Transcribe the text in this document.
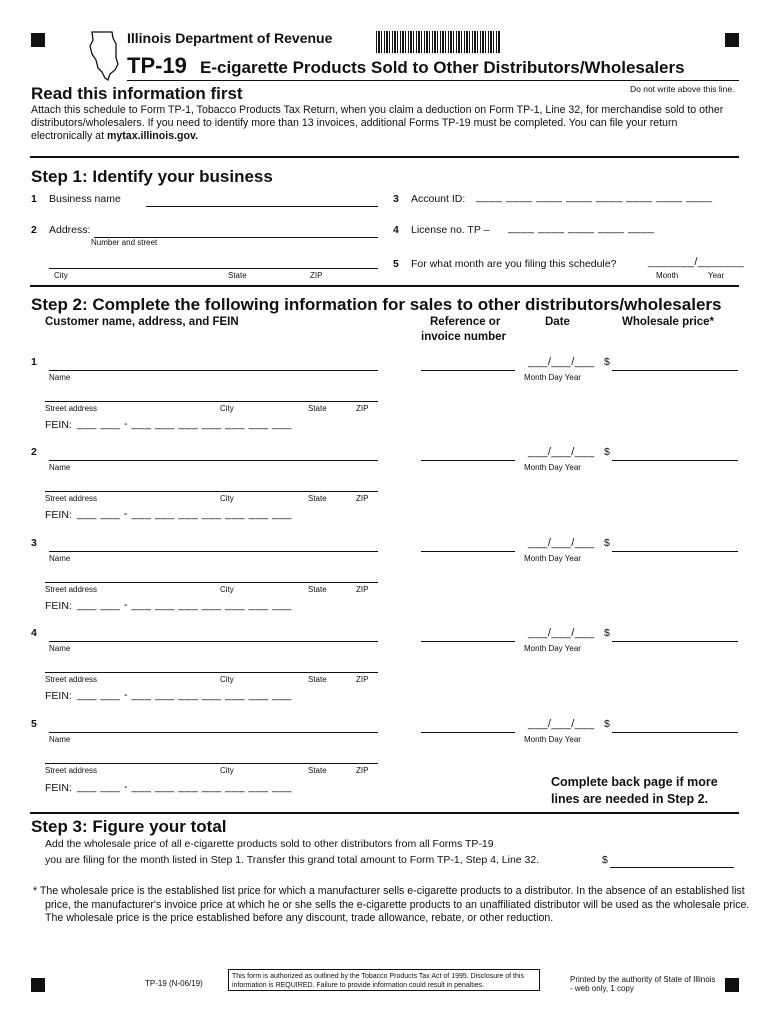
Illinois Department of Revenue
TP-19 E-cigarette Products Sold to Other Distributors/Wholesalers
Do not write above this line.
Read this information first
Attach this schedule to Form TP-1, Tobacco Products Tax Return, when you claim a deduction on Form TP-1, Line 32, for merchandise sold to other distributors/wholesalers. If you need to identify more than 13 invoices, additional Forms TP-19 must be completed. You can file your return electronically at mytax.illinois.gov.
Step 1: Identify your business
1 Business name
2 Address:
Number and street
City	State	ZIP
3 Account ID: ____ ____ ____ ____ ____ ____ ____ ____
4 License no. TP – ____ ____ ____ ____ ____
5 For what month are you filing this schedule?	_______/_______
Month	Year
Step 2: Complete the following information for sales to other distributors/wholesalers
Customer name, address, and FEIN	Reference or
invoice number
Date	Wholesale price*
1
Name
___/___/___
Month Day Year
$
Street address	City	State	ZIP
FEIN: ___ ___ - ___ ___ ___ ___ ___ ___ ___
2
Name
___/___/___
Month Day Year
$
Street address	City	State	ZIP
FEIN: ___ ___ - ___ ___ ___ ___ ___ ___ ___
3
Name
___/___/___
Month Day Year
$
Street address	City	State	ZIP
FEIN: ___ ___ - ___ ___ ___ ___ ___ ___ ___
4
Name
___/___/___
Month Day Year
$
Street address	City	State	ZIP
FEIN: ___ ___ - ___ ___ ___ ___ ___ ___ ___
5
Name
___/___/___
Month Day Year
$
Street address	City	State	ZIP
FEIN: ___ ___ - ___ ___ ___ ___ ___ ___ ___	Complete back page if more lines are needed in Step 2.
Step 3: Figure your total
Add the wholesale price of all e-cigarette products sold to other distributors from all Forms TP-19
you are filing for the month listed in Step 1. Transfer this grand total amount to Form TP-1, Step 4, Line 32.	$
* The wholesale price is the established list price for which a manufacturer sells e-cigarette products to a distributor. In the absence of an established list price, the manufacturer's invoice price at which he or she sells the e-cigarette products to an unaffiliated distributor will be used as the wholesale price. The wholesale price is the price established before any discount, trade allowance, rebate, or other reduction.
TP-19 (N-06/19)
This form is authorized as outlined by the Tobacco Products Tax Act of 1995. Disclosure of this information is REQUIRED. Failure to provide information could result in penalties.
Printed by the authority of State of Illinois - web only, 1 copy
